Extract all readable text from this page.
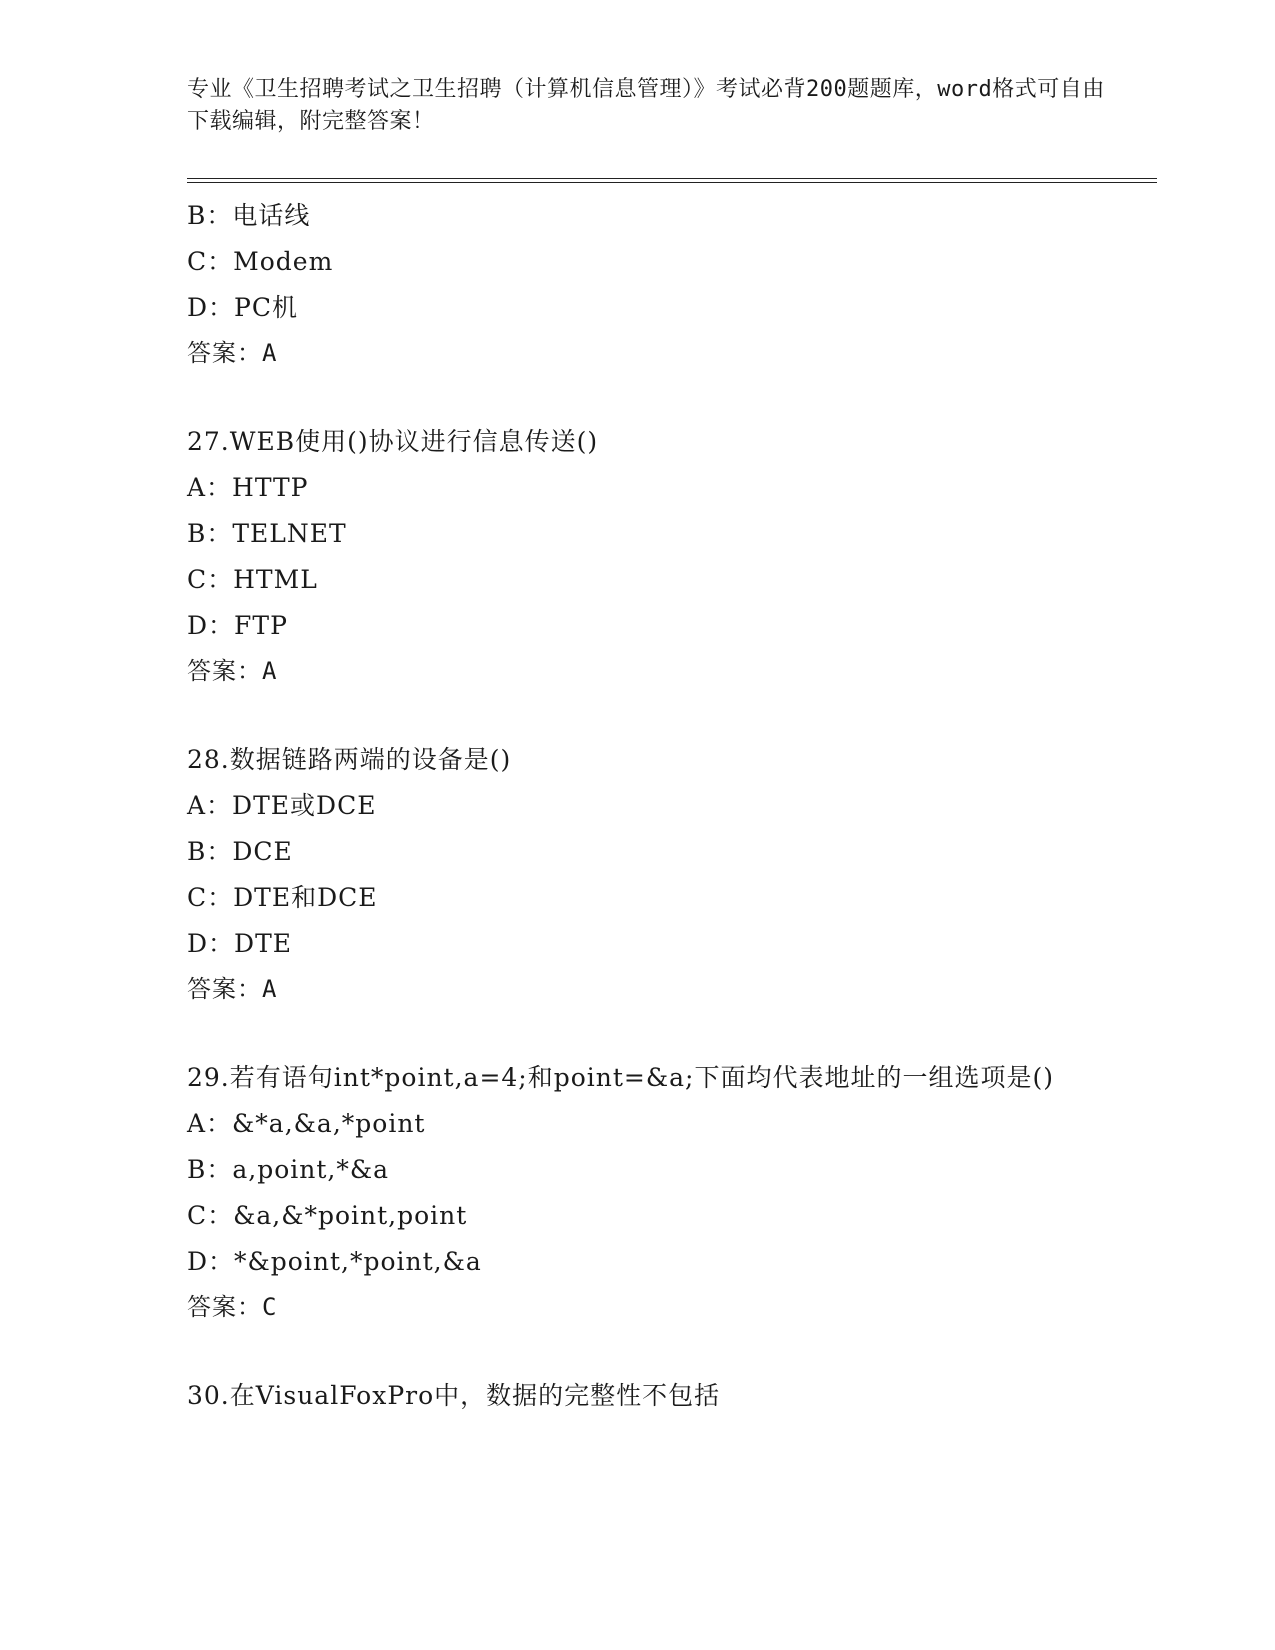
专业《卫生招聘考试之卫生招聘（计算机信息管理）》考试必背200题题库，word格式可自由下载编辑，附完整答案！
B：电话线
C：Modem
D：PC机
答案：A
27.WEB使用()协议进行信息传送()
A：HTTP
B：TELNET
C：HTML
D：FTP
答案：A
28.数据链路两端的设备是()
A：DTE或DCE
B：DCE
C：DTE和DCE
D：DTE
答案：A
29.若有语句int*point,a=4;和point=&a;下面均代表地址的一组选项是()
A：&*a,&a,*point
B：a,point,*&a
C：&a,&*point,point
D：*&point,*point,&a
答案：C
30.在VisualFoxPro中，数据的完整性不包括
